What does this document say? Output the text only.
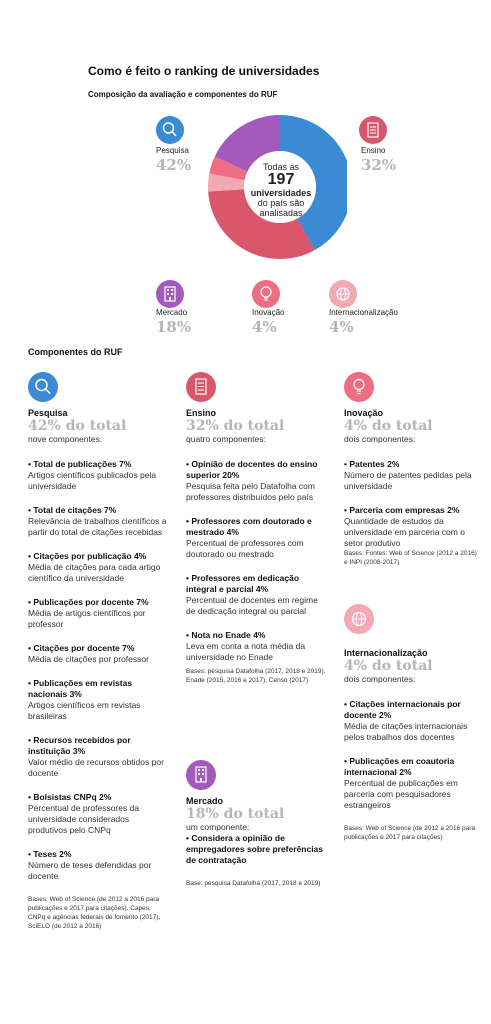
Como é feito o ranking de universidades
Composição da avaliação e componentes do RUF
Todas as
197
universidades
do país são
analisadas
Pesquisa
42%
Ensino
32%
Mercado
18%
Inovação
4%
Internacionalização
4%
Componentes do RUF
Pesquisa
42% do total
nove componentes:
• Total de publicações 7%
Artigos científicos publicados pela universidade
• Total de citações 7%
Relevância de trabalhos científicos a partir do total de citações recebidas
• Citações por publicação 4%
Média de citações para cada artigo científico da universidade
• Publicações por docente 7%
Média de artigos científicos por professor
• Citações por docente 7%
Média de citações por professor
• Publicações em revistas nacionais 3%
Artigos científicos em revistas brasileiras
• Recursos recebidos por instituição 3%
Valor médio de recursos obtidos por docente
• Bolsistas CNPq 2%
Percentual de professores da universidade considerados produtivos pelo CNPq
• Teses 2%
Número de teses defendidas por docente
Bases: Web of Science (de 2012 a 2016 para publicações e 2017 para citações), Capes, CNPq e agências federais de fomento (2017), SciELO (de 2012 a 2016)
Ensino
32% do total
quatro componentes:
• Opinião de docentes do ensino superior 20%
Pesquisa feita pelo Datafolha com professores distribuídos pelo país
• Professores com doutorado e mestrado 4%
Percentual de professores com doutorado ou mestrado
• Professores em dedicação integral e parcial 4%
Percentual de docentes em regime de dedicação integral ou parcial
• Nota no Enade 4%
Leva em conta a nota média da universidade no Enade
Bases: pesquisa Datafolha (2017, 2018 e 2019), Enade (2015, 2016 e 2017), Censo (2017)
Mercado
18% do total
um componente:
• Considera a opinião de empregadores sobre preferências de contratação
Base: pesquisa Datafolha (2017, 2018 e 2019)
Inovação
4% do total
dois componentes:
• Patentes 2%
Número de patentes pedidas pela universidade
• Parceria com empresas 2%
Quantidade de estudos da universidade em parceria com o setor produtivo
Bases: Fontes: Web of Science (2012 a 2016) e INPI (2008-2017)
Internacionalização
4% do total
dois componentes:
• Citações internacionais por docente 2%
Média de citações internacionais pelos trabalhos dos docentes
• Publicações em coautoria internacional 2%
Percentual de publicações em parceria com pesquisadores estrangeiros
Bases: Web of Science (de 2012 a 2016 para publicações e 2017 para citações)
